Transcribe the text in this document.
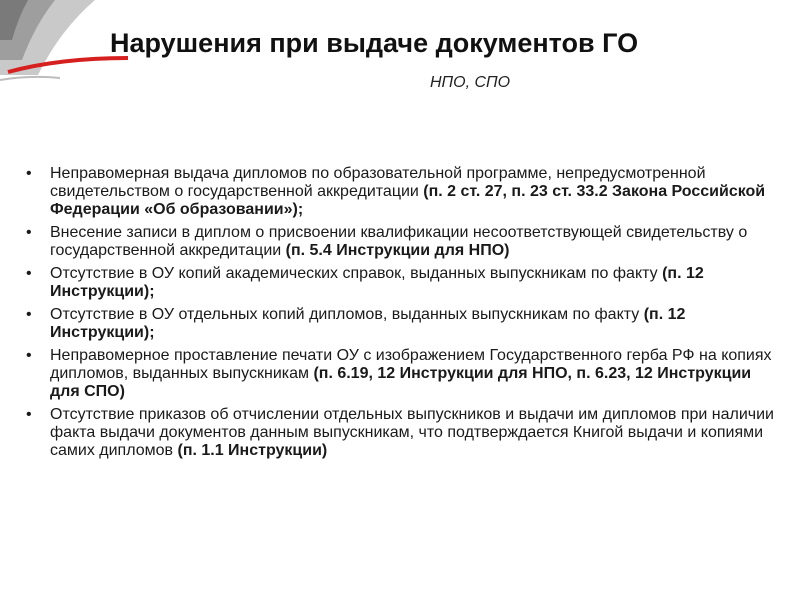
Нарушения при выдаче документов ГО
НПО, СПО
• Неправомерная выдача дипломов по образовательной программе, непредусмотренной свидетельством о государственной аккредитации (п. 2 ст. 27, п. 23 ст. 33.2 Закона Российской Федерации «Об образовании»);
• Внесение записи в диплом о присвоении квалификации несоответствующей свидетельству о государственной аккредитации (п. 5.4 Инструкции для НПО)
• Отсутствие в ОУ копий академических справок, выданных выпускникам по факту (п. 12 Инструкции);
• Отсутствие в ОУ отдельных копий дипломов, выданных выпускникам по факту (п. 12 Инструкции);
• Неправомерное проставление печати ОУ с изображением Государственного герба РФ на копиях дипломов, выданных выпускникам (п. 6.19, 12 Инструкции для НПО, п. 6.23, 12 Инструкции для СПО)
• Отсутствие приказов об отчислении отдельных выпускников и выдачи им дипломов при наличии факта выдачи документов данным выпускникам, что подтверждается Книгой выдачи и копиями самих дипломов (п. 1.1 Инструкции)
